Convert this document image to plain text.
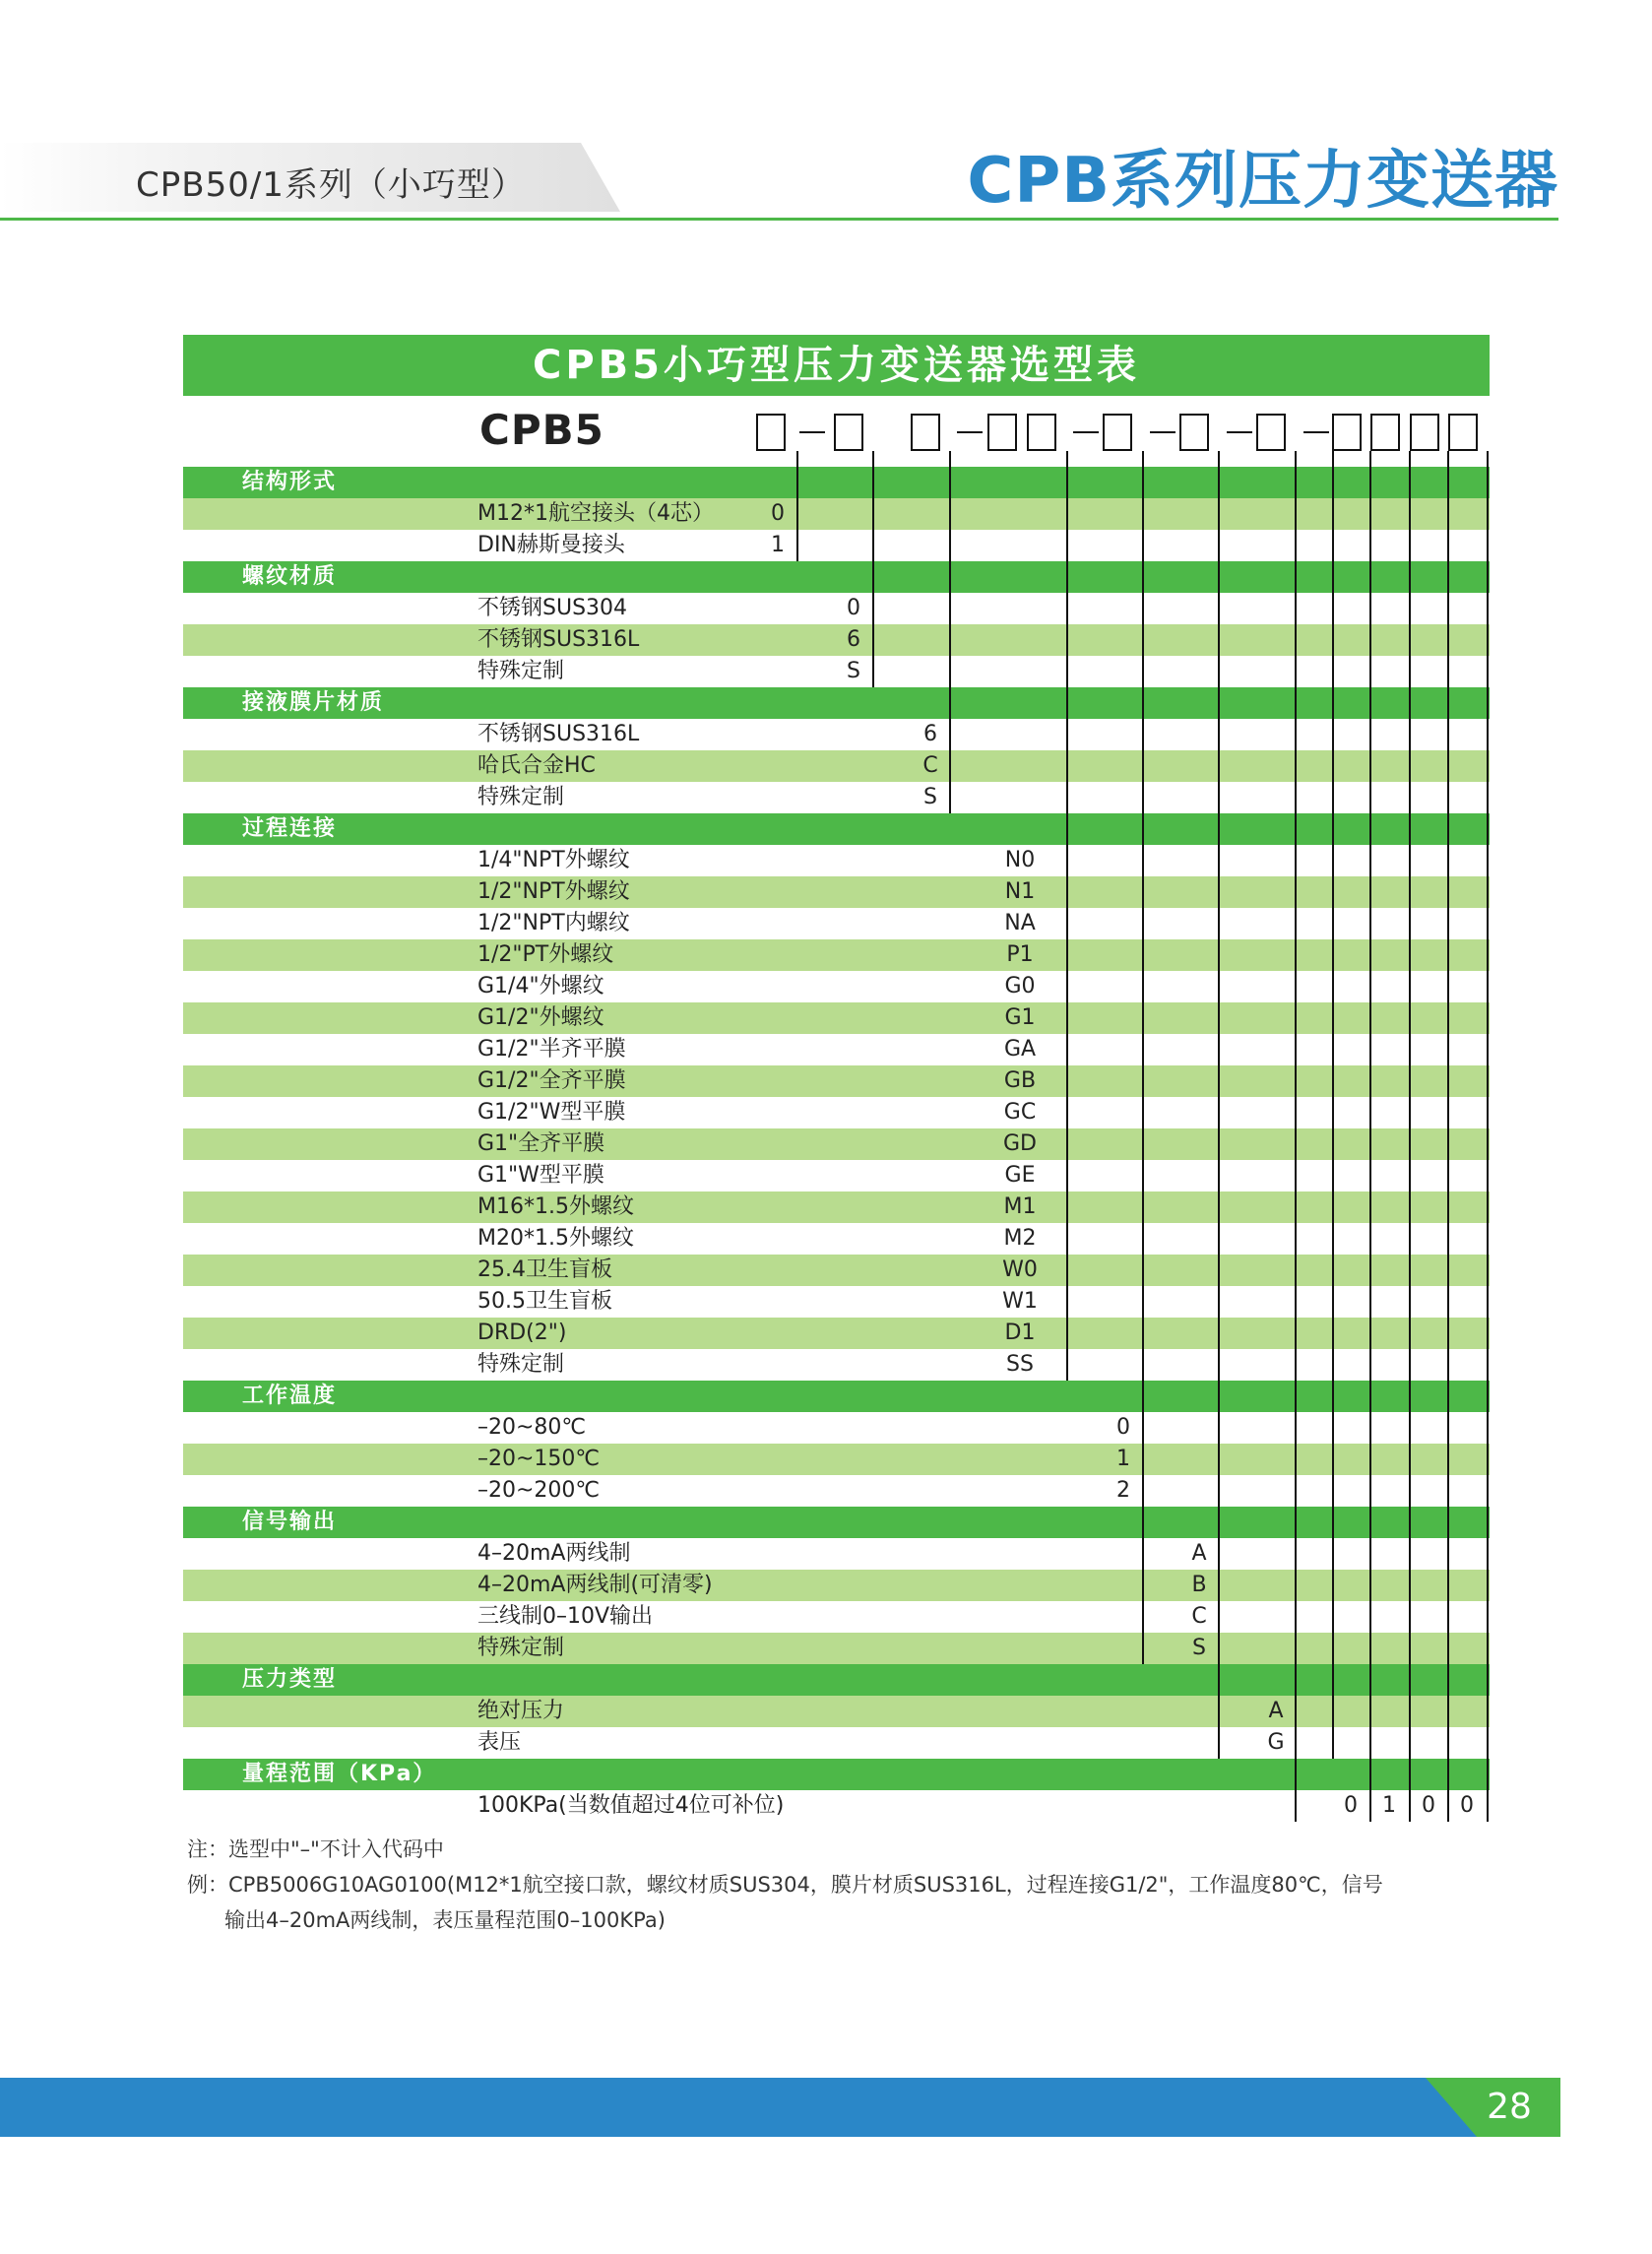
CPB50/1系列（小巧型）	CPB系列压力变送器
CPB5小巧型压力变送器选型表
CPB5
结构形式
M12*1航空接头（4芯）	0
DIN赫斯曼接头	1
螺纹材质
不锈钢SUS304	0
不锈钢SUS316L	6
特殊定制	S
接液膜片材质
不锈钢SUS316L	6
哈氏合金HC	C
特殊定制	S
过程连接
1/4"NPT外螺纹	N0
1/2"NPT外螺纹	N1
1/2"NPT内螺纹	NA
1/2"PT外螺纹	P1
G1/4"外螺纹	G0
G1/2"外螺纹	G1
G1/2"半齐平膜	GA
G1/2"全齐平膜	GB
G1/2"W型平膜	GC
G1"全齐平膜	GD
G1"W型平膜	GE
M16*1.5外螺纹	M1
M20*1.5外螺纹	M2
25.4卫生盲板	W0
50.5卫生盲板	W1
DRD(2")	D1
特殊定制	SS
工作温度
–20~80℃	0
–20~150℃	1
–20~200℃	2
信号输出
4–20mA两线制	A
4–20mA两线制(可清零)	B
三线制0–10V输出	C
特殊定制	S
压力类型
绝对压力	A
表压	G
量程范围（KPa）
100KPa(当数值超过4位可补位)	0	1	0	0
注：选型中"–"不计入代码中
例：CPB5006G10AG0100(M12*1航空接口款，螺纹材质SUS304，膜片材质SUS316L，过程连接G1/2"，工作温度80℃，信号
输出4–20mA两线制，表压量程范围0–100KPa)
28
